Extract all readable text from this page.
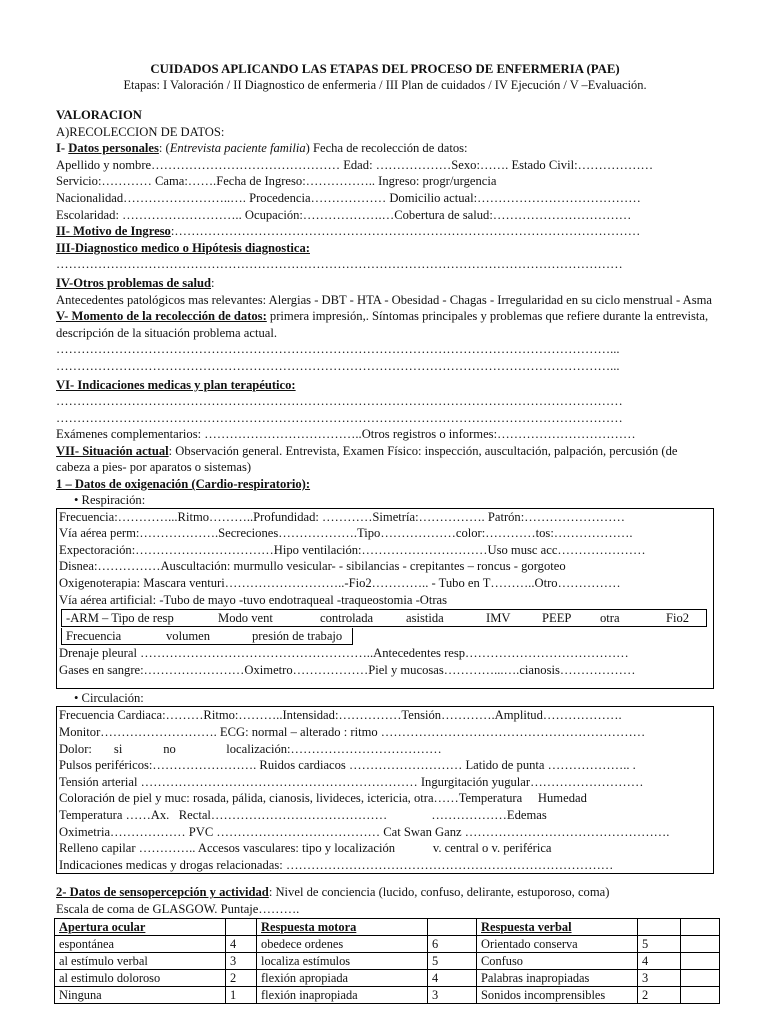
CUIDADOS APLICANDO LAS ETAPAS DEL PROCESO DE ENFERMERIA (PAE)
Etapas: I Valoración / II Diagnostico de enfermeria / III Plan de cuidados / IV Ejecución / V –Evaluación.
VALORACION
A)RECOLECCION DE DATOS:
I- Datos personales: (Entrevista paciente familia) Fecha de recolección de datos:
Apellido y nombre……………………………………… Edad: ………………Sexo:……. Estado Civil:………………
Servicio:………… Cama:…….Fecha de Ingreso:…………….. Ingreso: progr/urgencia
Nacionalidad……………………..…. Procedencia……………… Domicilio actual:…………………………………
Escolaridad: ……………………….. Ocupación:……………….…Cobertura de salud:……………………………
II- Motivo de Ingreso:…………………………………………………………………………………………………
III-Diagnostico medico o Hipótesis diagnostica:
………………………………………………………………………………………………………………………
IV-Otros problemas de salud:
Antecedentes patológicos mas relevantes: Alergias - DBT - HTA - Obesidad - Chagas - Irregularidad en su ciclo menstrual - Asma
V- Momento de la recolección de datos: primera impresión,. Síntomas principales y problemas que refiere durante la entrevista, descripción de la situación problema actual.
……………………………………………………………………………………………………………………...
……………………………………………………………………………………………………………………...
VI- Indicaciones medicas y plan terapéutico:
………………………………………………………………………………………………………………………
………………………………………………………………………………………………………………………
Exámenes complementarios: ………………………………..Otros registros o informes:……………………………
VII- Situación actual: Observación general. Entrevista, Examen Físico: inspección, auscultación, palpación, percusión (de cabeza a pies- por aparatos o sistemas)
1 – Datos de oxigenación (Cardio-respiratorio):
• Respiración:
Frecuencia:…………...Ritmo………..Profundidad: …………Simetría:……………. Patrón:……………………
Vía aérea perm:……………….Secreciones……………….Tipo………………color:…………tos:……………….
Expectoración:……………………………Hipo ventilación:…………………………Uso musc acc…………………
Disnea:……………Auscultación: murmullo vesicular- - sibilancias - crepitantes – roncus - gorgoteo
Oxigenoterapia: Mascara venturi………………………..-Fio2………….. - Tubo en T………..Otro……………
Vía aérea artificial: -Tubo de mayo -tuvo endotraqueal -traqueostomia -Otras
-ARM – Tipo de resp	Modo vent	controlada	asistida	IMV	PEEP otra	Fio2
Frecuencia	volumen	presión de trabajo
Drenaje pleural ………………………………………………..Antecedentes resp…………………………………
Gases en sangre:……………………Oximetro………………Piel y mucosas…………...….cianosis………………
• Circulación:
Frecuencia Cardiaca:………Ritmo:………..Intensidad:……………Tensión………….Amplitud……………….
Monitor………………………. ECG: normal – alterado : ritmo ………………………………………………………
Dolor:       si             no                localización:………………………………
Pulsos periféricos:……………………. Ruidos cardiacos ……………………… Latido de punta ……………….. .
Tensión arterial ………………………………………………………… Ingurgitación yugular………………………
Coloración de piel y muc: rosada, pálida, cianosis, livideces, ictericia, otra……Temperatura     Humedad
Temperatura ……Ax.   Rectal……………………………………              ………………Edemas
Oximetria……………… PVC ………………………………… Cat Swan Ganz ………………………………………….
Relleno capilar ………….. Accesos vasculares: tipo y localización            v. central o v. periférica
Indicaciones medicas y drogas relacionadas: ……………………………………………………………………
2- Datos de sensopercepción y actividad: Nivel de conciencia (lucido, confuso, delirante, estuporoso, coma)
Escala de coma de GLASGOW. Puntaje……….
Apertura ocular		Respuesta motora		Respuesta verbal		
espontánea	4	obedece ordenes	6	Orientado conserva	5	
al estímulo verbal	3	localiza estímulos	5	Confuso	4	
al estimulo doloroso	2	flexión apropiada	4	Palabras inapropiadas	3	
Ninguna	1	flexión inapropiada	3	Sonidos incomprensibles	2	
